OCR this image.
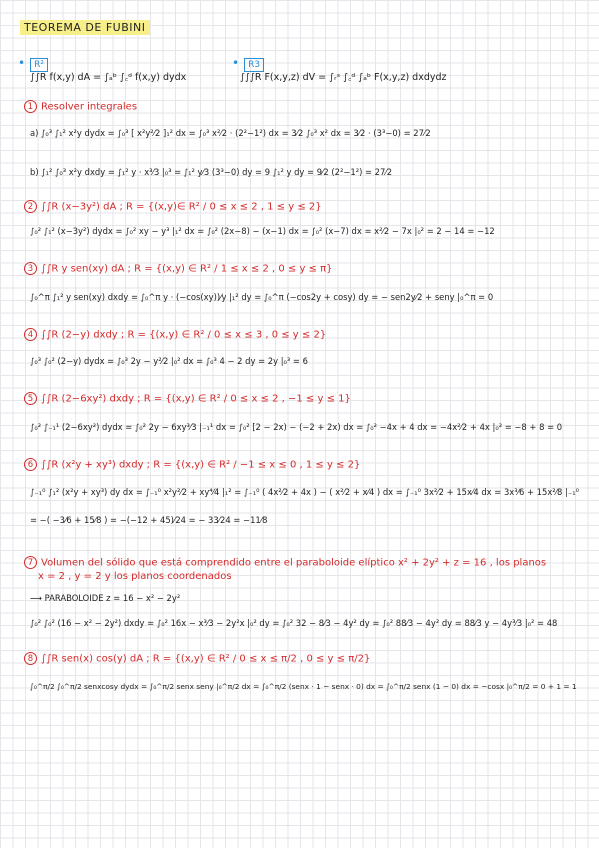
TEOREMA DE FUBINI
• R²
∫∫R f(x,y) dA = ∫ₐᵇ ∫꜀ᵈ f(x,y) dydx
• R3
∫∫∫R F(x,y,z) dV = ∫ᵣˢ ∫꜀ᵈ ∫ₐᵇ F(x,y,z) dxdydz
1 Resolver integrales
a) ∫₀³ ∫₁² x²y dydx = ∫₀³ [ x²y²⁄2 ]₁² dx = ∫₀³ x²⁄2 · (2²−1²) dx = 3⁄2 ∫₀³ x² dx = 3⁄2 · (3³−0) = 27⁄2
b) ∫₁² ∫₀³ x²y dxdy = ∫₁² y · x³⁄3 |₀³ = ∫₁² y⁄3 (3³−0) dy = 9 ∫₁² y dy = 9⁄2 (2²−1²) = 27⁄2
2 ∫∫R (x−3y²) dA ; R = {(x,y)∈ R² / 0 ≤ x ≤ 2 , 1 ≤ y ≤ 2}
∫₀² ∫₁² (x−3y²) dydx = ∫₀² xy − y³ |₁² dx = ∫₀² (2x−8) − (x−1) dx = ∫₀² (x−7) dx = x²⁄2 − 7x |₀² = 2 − 14 = −12
3 ∫∫R y sen(xy) dA ; R = {(x,y) ∈ R² / 1 ≤ x ≤ 2 , 0 ≤ y ≤ π}
∫₀^π ∫₁² y sen(xy) dxdy = ∫₀^π y · (−cos(xy))⁄y |₁² dy = ∫₀^π (−cos2y + cosy) dy = − sen2y⁄2 + seny |₀^π = 0
4 ∫∫R (2−y) dxdy ; R = {(x,y) ∈ R² / 0 ≤ x ≤ 3 , 0 ≤ y ≤ 2}
∫₀³ ∫₀² (2−y) dydx = ∫₀³ 2y − y²⁄2 |₀² dx = ∫₀³ 4 − 2 dy = 2y |₀³ = 6
5 ∫∫R (2−6xy²) dxdy ; R = {(x,y) ∈ R² / 0 ≤ x ≤ 2 , −1 ≤ y ≤ 1}
∫₀² ∫₋₁¹ (2−6xy²) dydx = ∫₀² 2y − 6xy³⁄3 |₋₁¹ dx = ∫₀² [2 − 2x) − (−2 + 2x) dx = ∫₀² −4x + 4 dx = −4x²⁄2 + 4x |₀² = −8 + 8 = 0
6 ∫∫R (x²y + xy³) dxdy ; R = {(x,y) ∈ R² / −1 ≤ x ≤ 0 , 1 ≤ y ≤ 2}
∫₋₁⁰ ∫₁² (x²y + xy³) dy dx = ∫₋₁⁰ x²y²⁄2 + xy⁴⁄4 |₁² = ∫₋₁⁰ ( 4x²⁄2 + 4x ) − ( x²⁄2 + x⁄4 ) dx = ∫₋₁⁰ 3x²⁄2 + 15x⁄4 dx = 3x³⁄6 + 15x²⁄8 |₋₁⁰
= −( −3⁄6 + 15⁄8 ) = −(−12 + 45)⁄24 = − 33⁄24 = −11⁄8
7 Volumen del sólido que está comprendido entre el paraboloide elíptico x² + 2y² + z = 16 , los planos
x = 2 , y = 2 y los planos coordenados
⟶ PARABOLOIDE z = 16 − x² − 2y²
∫₀² ∫₀² (16 − x² − 2y²) dxdy = ∫₀² 16x − x³⁄3 − 2y²x |₀² dy = ∫₀² 32 − 8⁄3 − 4y² dy = ∫₀² 88⁄3 − 4y² dy = 88⁄3 y − 4y³⁄3 |₀² = 48
8 ∫∫R sen(x) cos(y) dA ; R = {(x,y) ∈ R² / 0 ≤ x ≤ π/2 , 0 ≤ y ≤ π/2}
∫₀^π/2 ∫₀^π/2 senxcosy dydx = ∫₀^π/2 senx seny |₀^π/2 dx = ∫₀^π/2 (senx · 1 − senx · 0) dx = ∫₀^π/2 senx (1 − 0) dx = −cosx |₀^π/2 = 0 + 1 = 1
